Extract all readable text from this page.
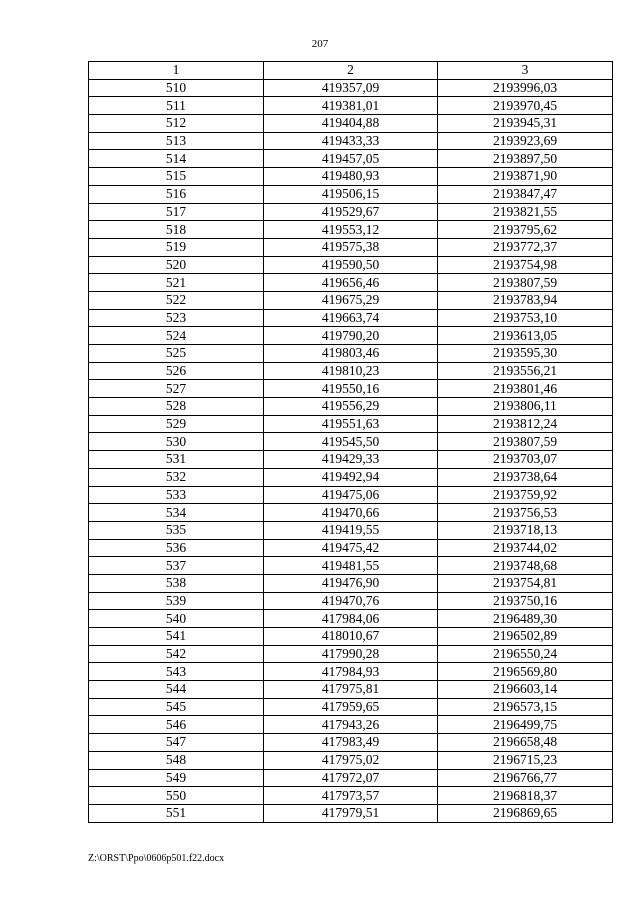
207
1	2	3
510	419357,09	2193996,03
511	419381,01	2193970,45
512	419404,88	2193945,31
513	419433,33	2193923,69
514	419457,05	2193897,50
515	419480,93	2193871,90
516	419506,15	2193847,47
517	419529,67	2193821,55
518	419553,12	2193795,62
519	419575,38	2193772,37
520	419590,50	2193754,98
521	419656,46	2193807,59
522	419675,29	2193783,94
523	419663,74	2193753,10
524	419790,20	2193613,05
525	419803,46	2193595,30
526	419810,23	2193556,21
527	419550,16	2193801,46
528	419556,29	2193806,11
529	419551,63	2193812,24
530	419545,50	2193807,59
531	419429,33	2193703,07
532	419492,94	2193738,64
533	419475,06	2193759,92
534	419470,66	2193756,53
535	419419,55	2193718,13
536	419475,42	2193744,02
537	419481,55	2193748,68
538	419476,90	2193754,81
539	419470,76	2193750,16
540	417984,06	2196489,30
541	418010,67	2196502,89
542	417990,28	2196550,24
543	417984,93	2196569,80
544	417975,81	2196603,14
545	417959,65	2196573,15
546	417943,26	2196499,75
547	417983,49	2196658,48
548	417975,02	2196715,23
549	417972,07	2196766,77
550	417973,57	2196818,37
551	417979,51	2196869,65
Z:\ORST\Ppo\0606p501.f22.docx
